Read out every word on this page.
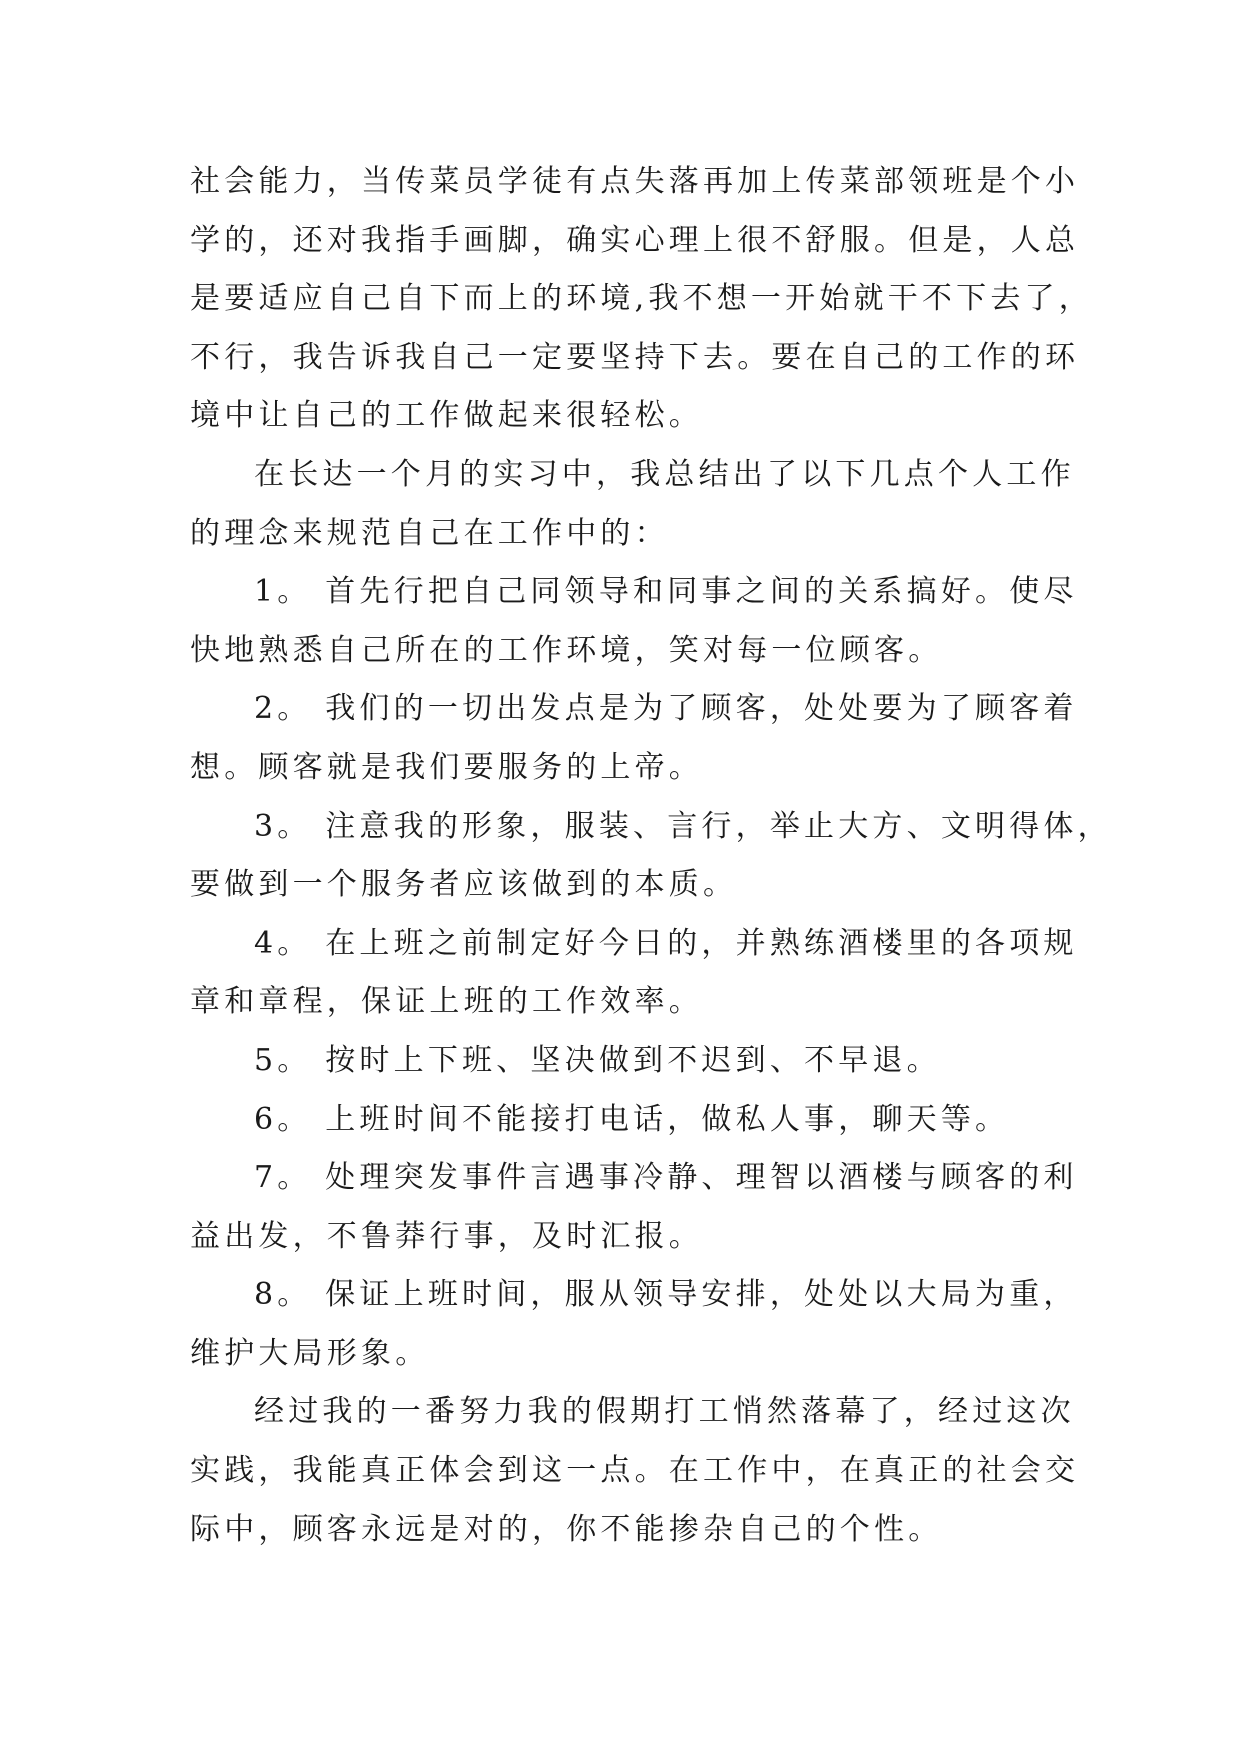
社会能力，当传菜员学徒有点失落再加上传菜部领班是个小
学的，还对我指手画脚，确实心理上很不舒服。但是，人总
是要适应自己自下而上的环境,我不想一开始就干不下去了，
不行，我告诉我自己一定要坚持下去。要在自己的工作的环
境中让自己的工作做起来很轻松。
在长达一个月的实习中，我总结出了以下几点个人工作
的理念来规范自己在工作中的：
1。 首先行把自己同领导和同事之间的关系搞好。使尽
快地熟悉自己所在的工作环境，笑对每一位顾客。
2。 我们的一切出发点是为了顾客，处处要为了顾客着
想。顾客就是我们要服务的上帝。
3。 注意我的形象，服装、言行，举止大方、文明得体，
要做到一个服务者应该做到的本质。
4。 在上班之前制定好今日的，并熟练酒楼里的各项规
章和章程，保证上班的工作效率。
5。 按时上下班、坚决做到不迟到、不早退。
6。 上班时间不能接打电话，做私人事，聊天等。
7。 处理突发事件言遇事冷静、理智以酒楼与顾客的利
益出发，不鲁莽行事，及时汇报。
8。 保证上班时间，服从领导安排，处处以大局为重，
维护大局形象。
经过我的一番努力我的假期打工悄然落幕了，经过这次
实践，我能真正体会到这一点。在工作中，在真正的社会交
际中，顾客永远是对的，你不能掺杂自己的个性。
